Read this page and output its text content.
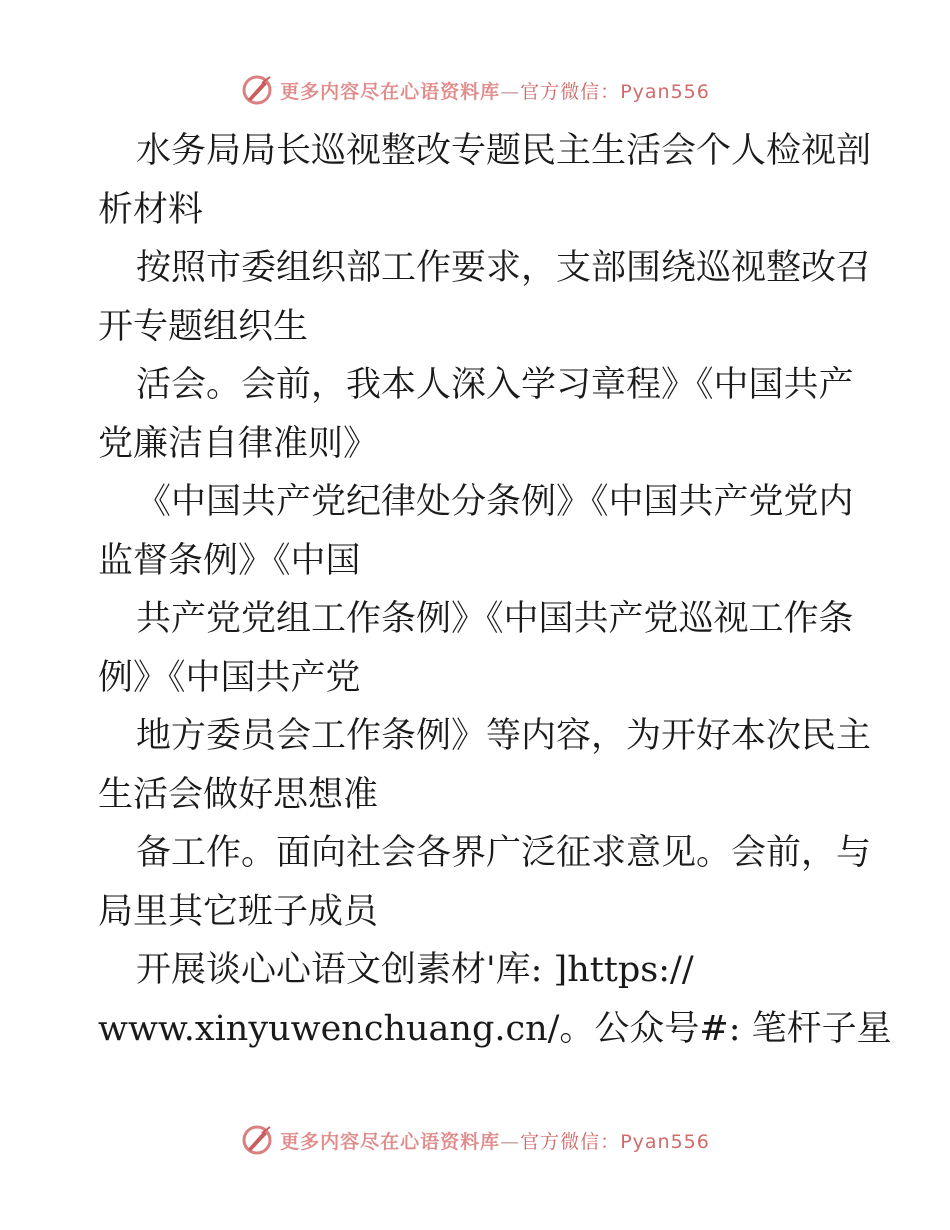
更多内容尽在心语资料库—官方微信：Pyan556
水务局局长巡视整改专题民主生活会个人检视剖
析材料
按照市委组织部工作要求，支部围绕巡视整改召
开专题组织生
活会。会前，我本人深入学习章程》《中国共产
党廉洁自律准则》
《中国共产党纪律处分条例》《中国共产党党内
监督条例》《中国
共产党党组工作条例》《中国共产党巡视工作条
例》《中国共产党
地方委员会工作条例》等内容，为开好本次民主
生活会做好思想准
备工作。面向社会各界广泛征求意见。会前，与
局里其它班子成员
开展谈心心语文创素材'库: ]https://
www.xinyuwenchuang.cn/。公众号#: 笔杆子星
更多内容尽在心语资料库—官方微信：Pyan556
